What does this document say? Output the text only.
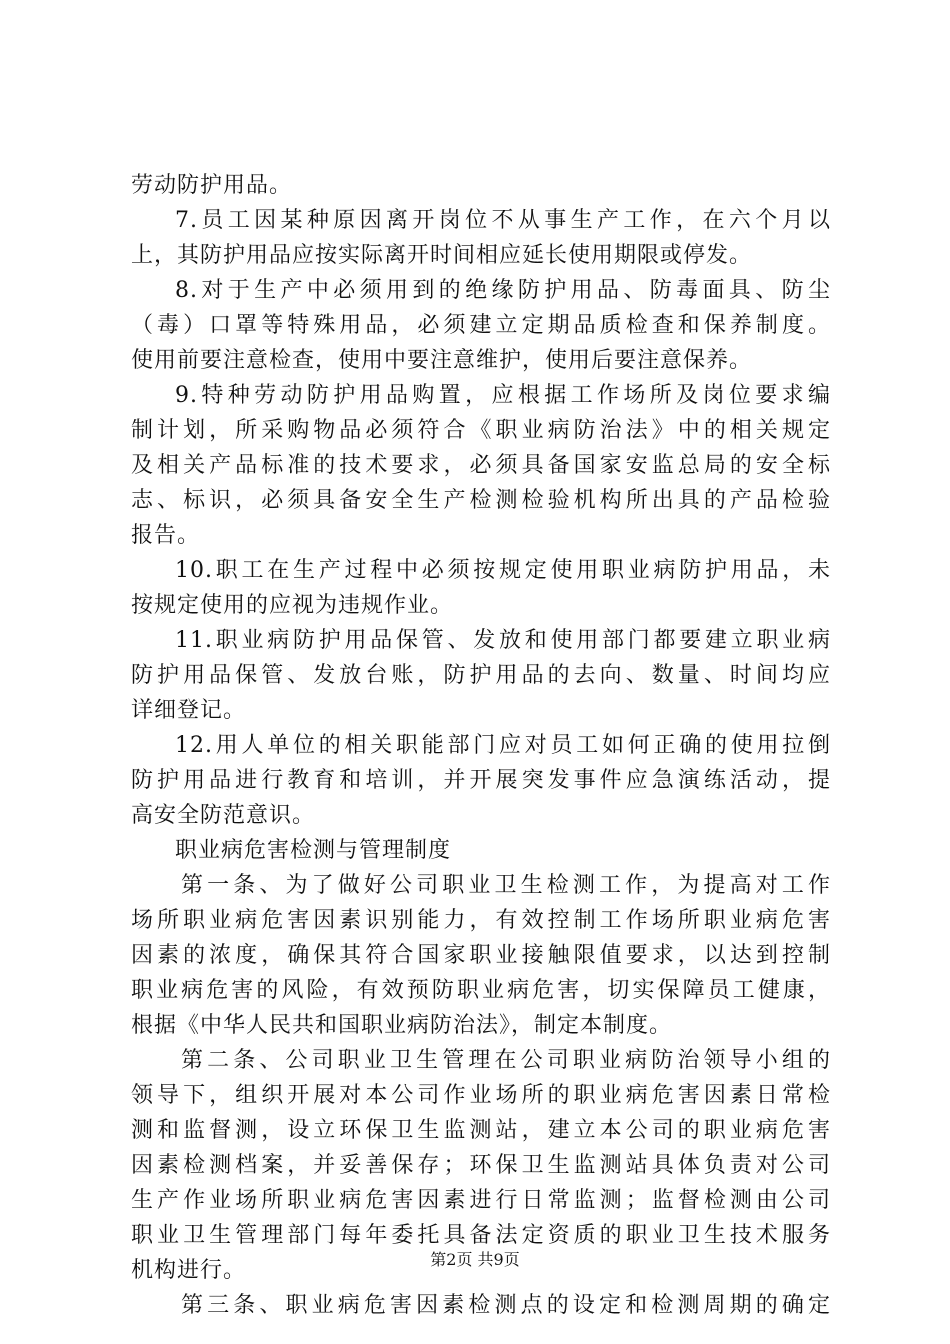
劳动防护用品。
7.员工因某种原因离开岗位不从事生产工作，在六个月以
上，其防护用品应按实际离开时间相应延长使用期限或停发。
8.对于生产中必须用到的绝缘防护用品、防毒面具、防尘
（毒）口罩等特殊用品，必须建立定期品质检查和保养制度。
使用前要注意检查，使用中要注意维护，使用后要注意保养。
9.特种劳动防护用品购置，应根据工作场所及岗位要求编
制计划，所采购物品必须符合《职业病防治法》中的相关规定
及相关产品标准的技术要求，必须具备国家安监总局的安全标
志、标识，必须具备安全生产检测检验机构所出具的产品检验
报告。
10.职工在生产过程中必须按规定使用职业病防护用品，未
按规定使用的应视为违规作业。
11.职业病防护用品保管、发放和使用部门都要建立职业病
防护用品保管、发放台账，防护用品的去向、数量、时间均应
详细登记。
12.用人单位的相关职能部门应对员工如何正确的使用拉倒
防护用品进行教育和培训，并开展突发事件应急演练活动，提
高安全防范意识。
职业病危害检测与管理制度
第一条、为了做好公司职业卫生检测工作，为提高对工作
场所职业病危害因素识别能力，有效控制工作场所职业病危害
因素的浓度，确保其符合国家职业接触限值要求，以达到控制
职业病危害的风险，有效预防职业病危害，切实保障员工健康，
根据《中华人民共和国职业病防治法》，制定本制度。
第二条、公司职业卫生管理在公司职业病防治领导小组的
领导下，组织开展对本公司作业场所的职业病危害因素日常检
测和监督测，设立环保卫生监测站，建立本公司的职业病危害
因素检测档案，并妥善保存；环保卫生监测站具体负责对公司
生产作业场所职业病危害因素进行日常监测；监督检测由公司
职业卫生管理部门每年委托具备法定资质的职业卫生技术服务
机构进行。
第三条、职业病危害因素检测点的设定和检测周期的确定
第2页 共9页
